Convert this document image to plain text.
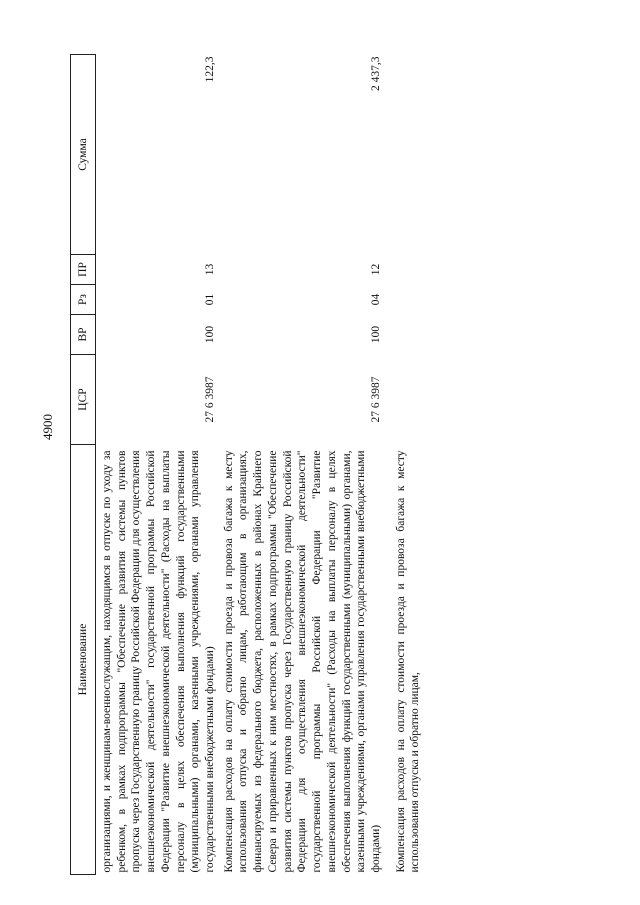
4900
Наименование	ЦСР	ВР	Рз	ПР	Сумма
организациями, и женщинам-военнослужащим, находящимся в отпуске по уходу за ребенком, в рамках подпрограммы "Обеспечение развития системы пунктов пропуска через Государственную границу Российской Федерации для осуществления внешнеэкономической деятельности" государственной программы Российской Федерации "Развитие внешнеэкономической деятельности" (Расходы на выплаты персоналу в целях обеспечения выполнения функций государственными (муниципальными) органами, казенными учреждениями, органами управления государственными внебюджетными фондами)	27 6 3987	100	01	13	122,3
Компенсация расходов на оплату стоимости проезда и провоза багажа к месту использования отпуска и обратно лицам, работающим в организациях, финансируемых из федерального бюджета, расположенных в районах Крайнего Севера и приравненных к ним местностях, в рамках подпрограммы "Обеспечение развития системы пунктов пропуска через Государственную границу Российской Федерации для осуществления внешнеэкономической деятельности" государственной программы Российской Федерации "Развитие внешнеэкономической деятельности" (Расходы на выплаты персоналу в целях обеспечения выполнения функций государственными (муниципальными) органами, казенными учреждениями, органами управления государственными внебюджетными фондами)	27 6 3987	100	04	12	2 437,3
Компенсация расходов на оплату стоимости проезда и провоза багажа к месту использования отпуска и обратно лицам,					
